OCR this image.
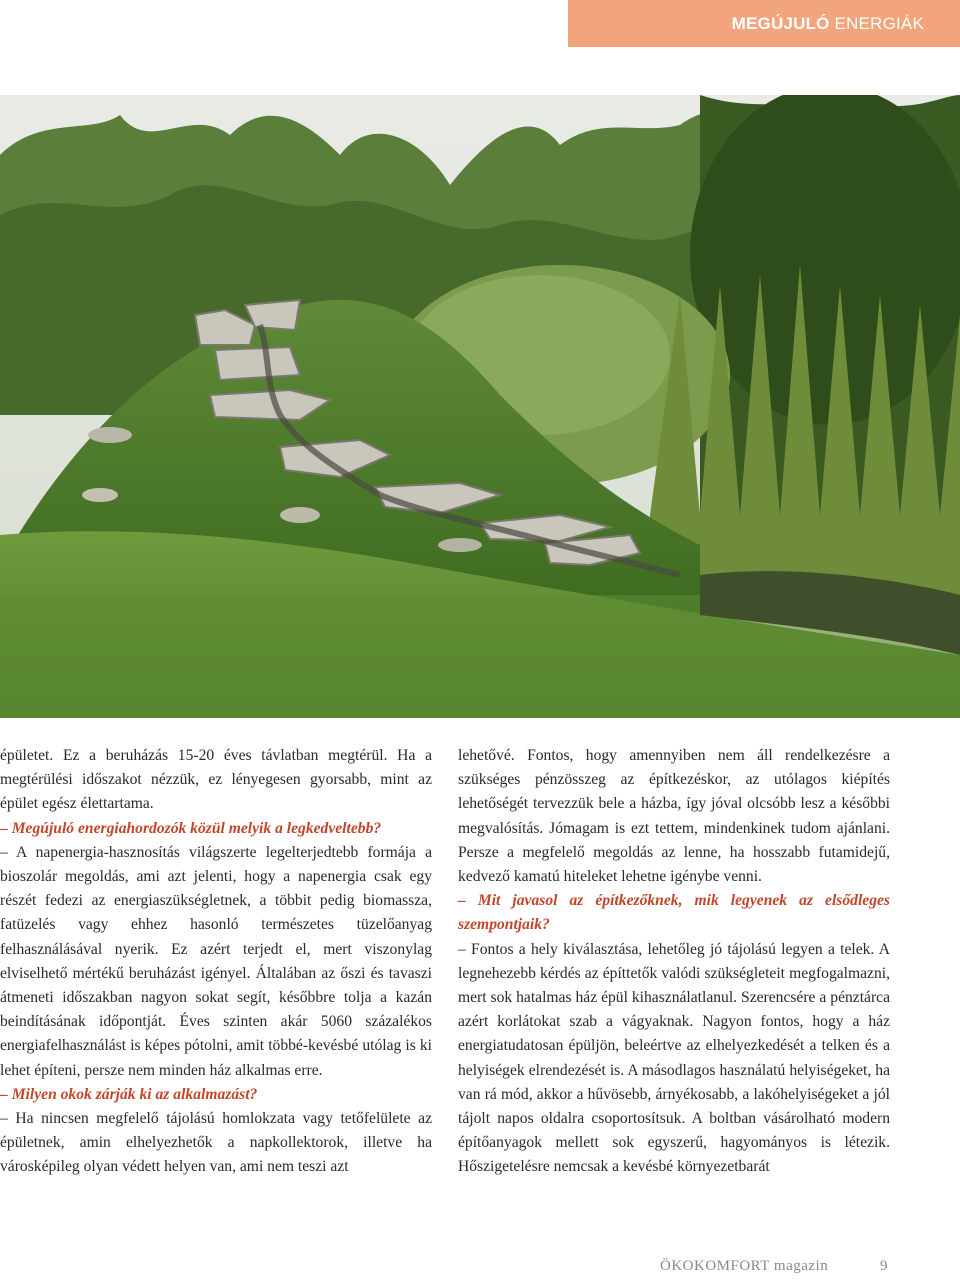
MEGÚJULÓ ENERGIÁK

épületet. Ez a beruházás 15-20 éves távlatban megtérül. Ha a megtérülési időszakot nézzük, ez lényegesen gyorsabb, mint az épület egész élettartama.

– Megújuló energiahordozók közül melyik a legkedveltebb?

– A napenergia-hasznosítás világszerte legelterjedtebb formája a bioszolár megoldás, ami azt jelenti, hogy a napenergia csak egy részét fedezi az energiaszükségletnek, a többit pedig biomassza, fatüzelés vagy ehhez hasonló természetes tüzelőanyag felhasználásával nyerik. Ez azért terjedt el, mert viszonylag elviselhető mértékű beruházást igényel. Általában az őszi és tavaszi átmeneti időszakban nagyon sokat segít, későbbre tolja a kazán beindításának időpontját. Éves szinten akár 5060 százalékos energiafelhasználást is képes pótolni, amit többé-kevésbé utólag is ki lehet építeni, persze nem minden ház alkalmas erre.

– Milyen okok zárják ki az alkalmazást?

– Ha nincsen megfelelő tájolású homlokzata vagy tetőfelülete az épületnek, amin elhelyezhetők a napkollektorok, illetve ha városképileg olyan védett helyen van, ami nem teszi azt

lehetővé. Fontos, hogy amennyiben nem áll rendelkezésre a szükséges pénzösszeg az építkezéskor, az utólagos kiépítés lehetőségét tervezzük bele a házba, így jóval olcsóbb lesz a későbbi megvalósítás. Jómagam is ezt tettem, mindenkinek tudom ajánlani. Persze a megfelelő megoldás az lenne, ha hosszabb futamidejű, kedvező kamatú hiteleket lehetne igénybe venni.

– Mit javasol az építkezőknek, mik legyenek az elsődleges szempontjaik?

– Fontos a hely kiválasztása, lehetőleg jó tájolású legyen a telek. A legnehezebb kérdés az építtetők valódi szükségleteit megfogalmazni, mert sok hatalmas ház épül kihasználatlanul. Szerencsére a pénztárca azért korlátokat szab a vágyaknak. Nagyon fontos, hogy a ház energiatudatosan épüljön, beleértve az elhelyezkedését a telken és a helyiségek elrendezését is. A másodlagos használatú helyiségeket, ha van rá mód, akkor a hűvösebb, árnyékosabb, a lakóhelyiségeket a jól tájolt napos oldalra csoportosítsuk. A boltban vásárolható modern építőanyagok mellett sok egyszerű, hagyományos is létezik. Hőszigetelésre nemcsak a kevésbé környezetbarát

ÖKOKOMFORT magazin	9
